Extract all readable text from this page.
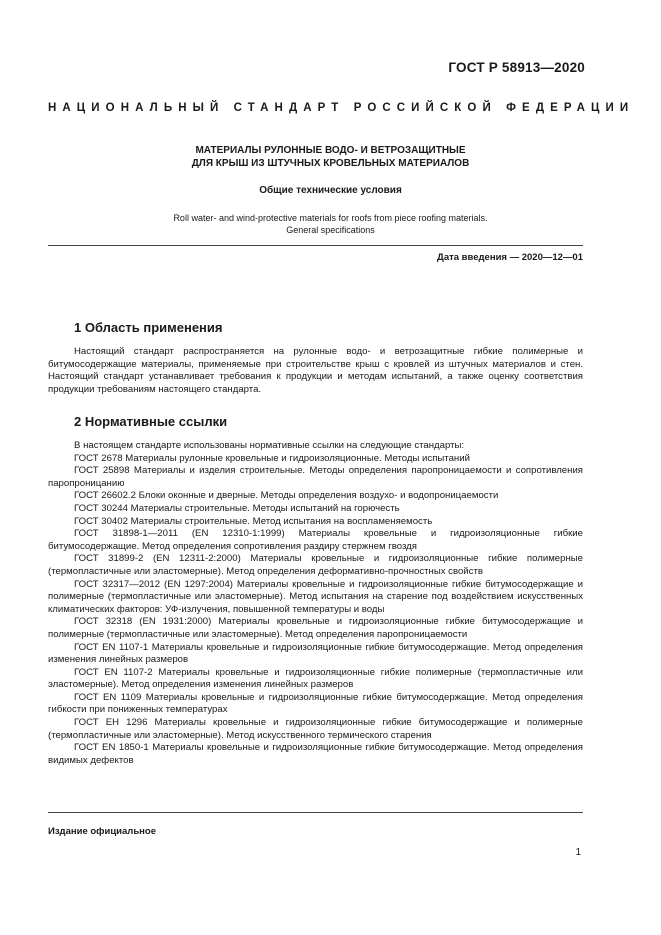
ГОСТ Р 58913—2020
НАЦИОНАЛЬНЫЙ СТАНДАРТ РОССИЙСКОЙ ФЕДЕРАЦИИ
МАТЕРИАЛЫ РУЛОННЫЕ ВОДО- И ВЕТРОЗАЩИТНЫЕ
ДЛЯ КРЫШ ИЗ ШТУЧНЫХ КРОВЕЛЬНЫХ МАТЕРИАЛОВ
Общие технические условия
Roll water- and wind-protective materials for roofs from piece roofing materials.
General specifications
Дата введения — 2020—12—01
1 Область применения

Настоящий стандарт распространяется на рулонные водо- и ветрозащитные гибкие полимерные и битумосодержащие материалы, применяемые при строительстве крыш с кровлей из штучных материалов и стен. Настоящий стандарт устанавливает требования к продукции и методам испытаний, а также оценку соответствия продукции требованиям настоящего стандарта.

2 Нормативные ссылки
В настоящем стандарте использованы нормативные ссылки на следующие стандарты:
ГОСТ 2678 Материалы рулонные кровельные и гидроизоляционные. Методы испытаний
ГОСТ 25898 Материалы и изделия строительные. Методы определения паропроницаемости и сопротивления паропроницанию
ГОСТ 26602.2 Блоки оконные и дверные. Методы определения воздухо- и водопроницаемости
ГОСТ 30244 Материалы строительные. Методы испытаний на горючесть
ГОСТ 30402 Материалы строительные. Метод испытания на воспламеняемость
ГОСТ 31898-1—2011 (EN 12310-1:1999) Материалы кровельные и гидроизоляционные гибкие битумосодержащие. Метод определения сопротивления раздиру стержнем гвоздя
ГОСТ 31899-2 (EN 12311-2:2000) Материалы кровельные и гидроизоляционные гибкие полимерные (термопластичные или эластомерные). Метод определения деформативно-прочностных свойств
ГОСТ 32317—2012 (EN 1297:2004) Материалы кровельные и гидроизоляционные гибкие битумосодержащие и полимерные (термопластичные или эластомерные). Метод испытания на старение под воздействием искусственных климатических факторов: УФ-излучения, повышенной температуры и воды
ГОСТ 32318 (EN 1931:2000) Материалы кровельные и гидроизоляционные гибкие битумосодержащие и полимерные (термопластичные или эластомерные). Метод определения паропроницаемости
ГОСТ EN 1107-1 Материалы кровельные и гидроизоляционные гибкие битумосодержащие. Метод определения изменения линейных размеров
ГОСТ EN 1107-2 Материалы кровельные и гидроизоляционные гибкие полимерные (термопластичные или эластомерные). Метод определения изменения линейных размеров
ГОСТ EN 1109 Материалы кровельные и гидроизоляционные гибкие битумосодержащие. Метод определения гибкости при пониженных температурах
ГОСТ EH 1296 Материалы кровельные и гидроизоляционные гибкие битумосодержащие и полимерные (термопластичные или эластомерные). Метод искусственного термического старения
ГОСТ EN 1850-1 Материалы кровельные и гидроизоляционные гибкие битумосодержащие. Метод определения видимых дефектов
Издание официальное
1
